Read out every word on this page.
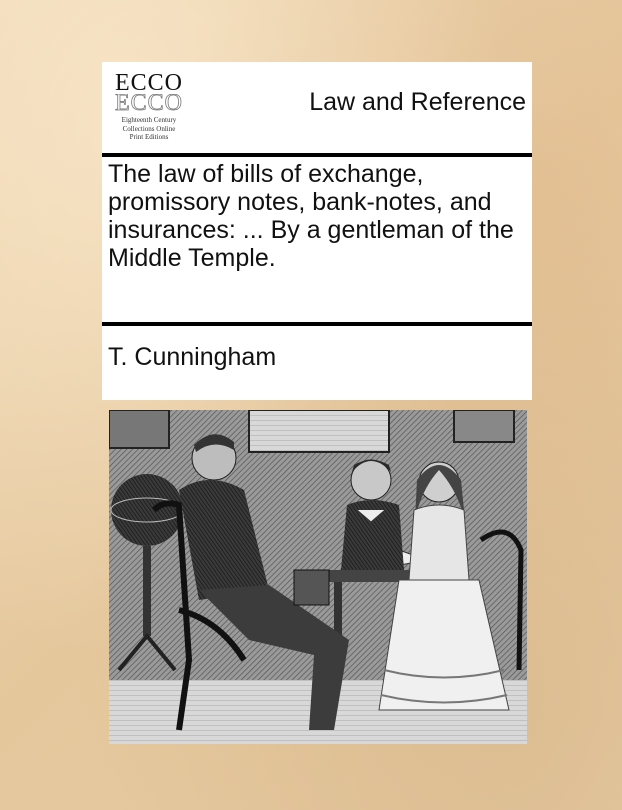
ECCO
ECCO
Eighteenth Century
Collections Online
Print Editions
Law and Reference
The law of bills of exchange, promissory notes, bank-notes, and insurances: ... By a gentleman of the Middle Temple.
T. Cunningham
